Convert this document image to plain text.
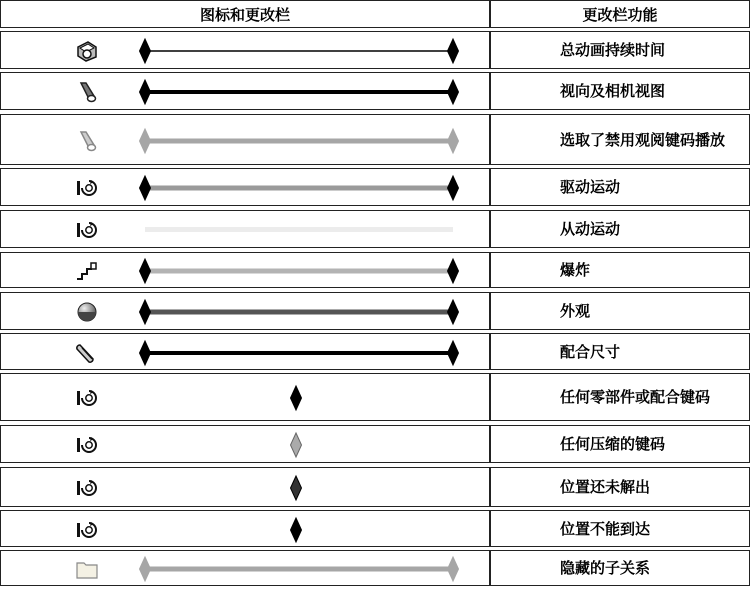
图标和更改栏	更改栏功能
总动画持续时间
视向及相机视图
选取了禁用观阅键码播放
驱动运动
从动运动
爆炸
外观
配合尺寸
任何零部件或配合键码
任何压缩的键码
位置还未解出
位置不能到达
隐藏的子关系
